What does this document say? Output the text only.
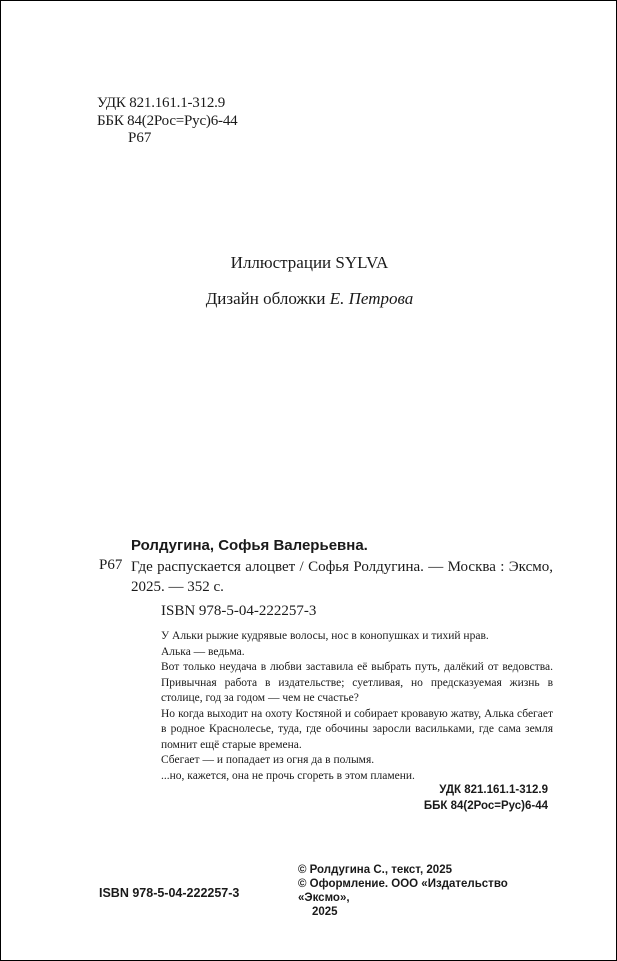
УДК 821.161.1-312.9
ББК 84(2Рос=Рус)6-44
Р67
Иллюстрации SYLVA
Дизайн обложки Е. Петрова
Ролдугина, Софья Валерьевна.
Р67 Где распускается алоцвет / Софья Ролдугина. — Москва : Эксмо, 2025. — 352 с.
ISBN 978-5-04-222257-3

У Альки рыжие кудрявые волосы, нос в конопушках и тихий нрав.

Алька — ведьма.

Вот только неудача в любви заставила её выбрать путь, далёкий от ведовства. Привычная работа в издательстве; суетливая, но предсказуемая жизнь в столице, год за годом — чем не счастье?

Но когда выходит на охоту Костяной и собирает кровавую жатву, Алька сбегает в родное Краснолесье, туда, где обочины заросли васильками, где сама земля помнит ещё старые времена.

Сбегает — и попадает из огня да в полымя.

...но, кажется, она не прочь сгореть в этом пламени.

УДК 821.161.1-312.9
ББК 84(2Рос=Рус)6-44
© Ролдугина С., текст, 2025
© Оформление. ООО «Издательство «Эксмо»,
2025
ISBN 978-5-04-222257-3
